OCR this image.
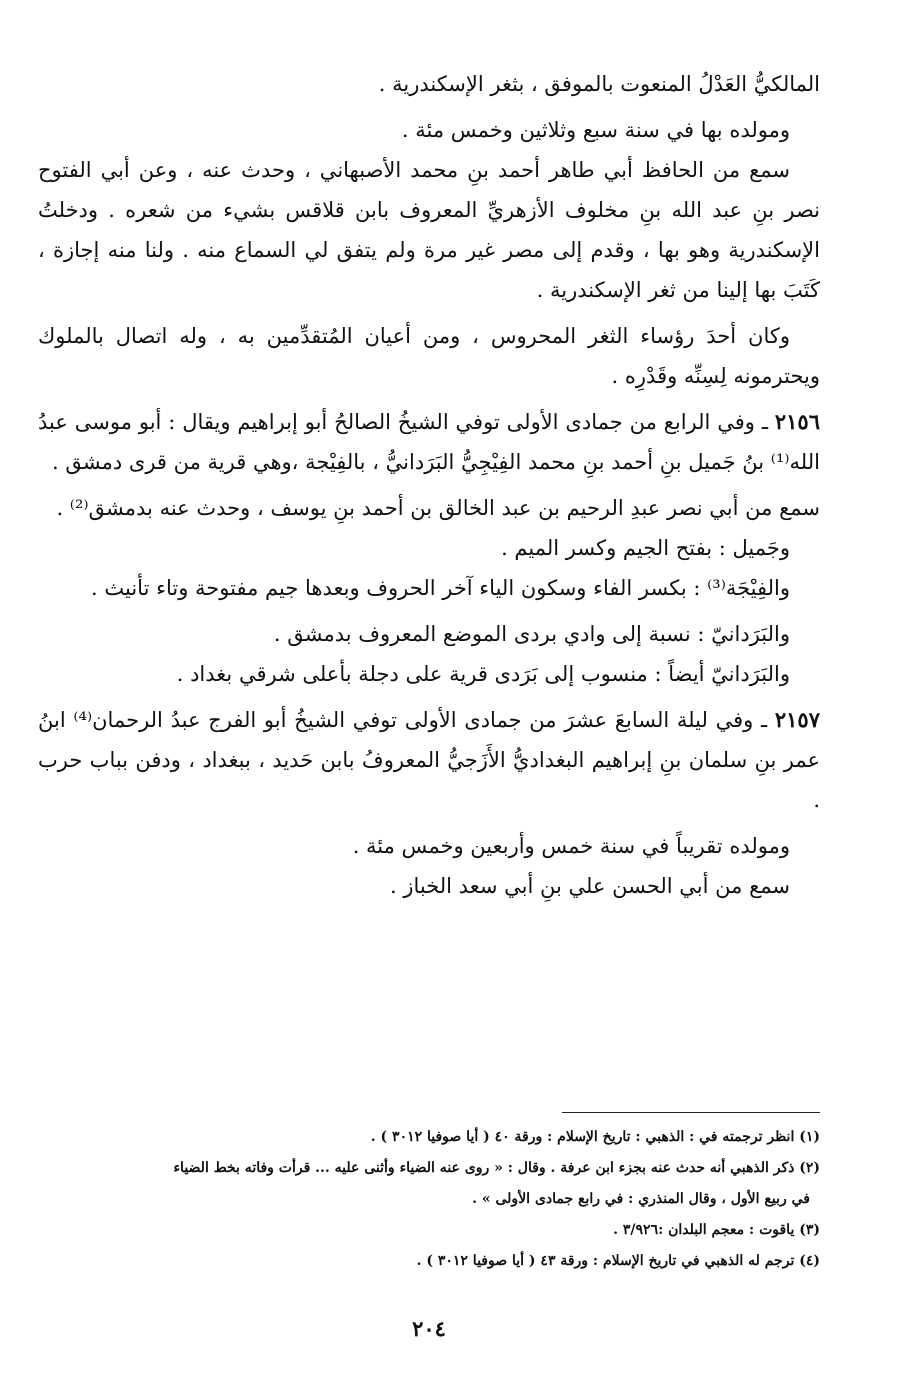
المالكيُّ العَدْلُ المنعوت بالموفق ، بثغر الإسكندرية .

ومولده بها في سنة سبع وثلاثين وخمس مئة .

سمع من الحافظ أبي طاهر أحمد بنِ محمد الأصبهاني ، وحدث عنه ، وعن أبي الفتوح نصر بنِ عبد الله بنِ مخلوف الأزهريِّ المعروف بابن قلاقس بشيء من شعره . ودخلتُ الإسكندرية وهو بها ، وقدم إلى مصر غير مرة ولم يتفق لي السماع منه . ولنا منه إجازة ، كَتَبَ بها إلينا من ثغر الإسكندرية .

وكان أحدَ رؤساء الثغر المحروس ، ومن أعيان المُتقدِّمين به ، وله اتصال بالملوك ويحترمونه لِسِنِّه وقَدْرِه .

٢١٥٦ ـ وفي الرابع من جمادى الأولى توفي الشيخُ الصالحُ أبو إبراهيم ويقال : أبو موسى عبدُ الله⁽¹⁾ بنُ جَميل بنِ أحمد بنِ محمد الفِيْجِيُّ البَرَدانيُّ ، بالفِيْجة ،وهي قرية من قرى دمشق .

سمع من أبي نصر عبدِ الرحيم بن عبد الخالق بن أحمد بنِ يوسف ، وحدث عنه بدمشق⁽²⁾ .

وجَميل : بفتح الجيم وكسر الميم .

والفِيْجَة⁽³⁾ : بكسر الفاء وسكون الياء آخر الحروف وبعدها جيم مفتوحة وتاء تأنيث .

والبَرَدانيّ : نسبة إلى وادي بردى الموضع المعروف بدمشق .

والبَرَدانيّ أيضاً : منسوب إلى بَرَدى قرية على دجلة بأعلى شرقي بغداد .

٢١٥٧ ـ وفي ليلة السابعَ عشرَ من جمادى الأولى توفي الشيخُ أبو الفرج عبدُ الرحمان⁽⁴⁾ ابنُ عمر بنِ سلمان بنِ إبراهيم البغداديُّ الأَزَجيُّ المعروفُ بابن حَديد ، ببغداد ، ودفن بباب حرب .

ومولده تقريباً في سنة خمس وأربعين وخمس مئة .

سمع من أبي الحسن علي بنِ أبي سعد الخباز .

(١) انظر ترجمته في : الذهبي : تاريخ الإسلام : ورقة ٤٠ ( أيا صوفيا ٣٠١٢ ) .

(٢) ذكر الذهبي أنه حدث عنه بجزء ابن عرفة . وقال : « روى عنه الضياء وأثنى عليه ... قرأت وفاته بخط الضياء

في ربيع الأول ، وقال المنذري : في رابع جمادى الأولى » .

(٣) ياقوت : معجم البلدان :٣/٩٢٦ .

(٤) ترجم له الذهبي في تاريخ الإسلام : ورقة ٤٣ ( أيا صوفيا ٣٠١٢ ) .

٢٠٤
